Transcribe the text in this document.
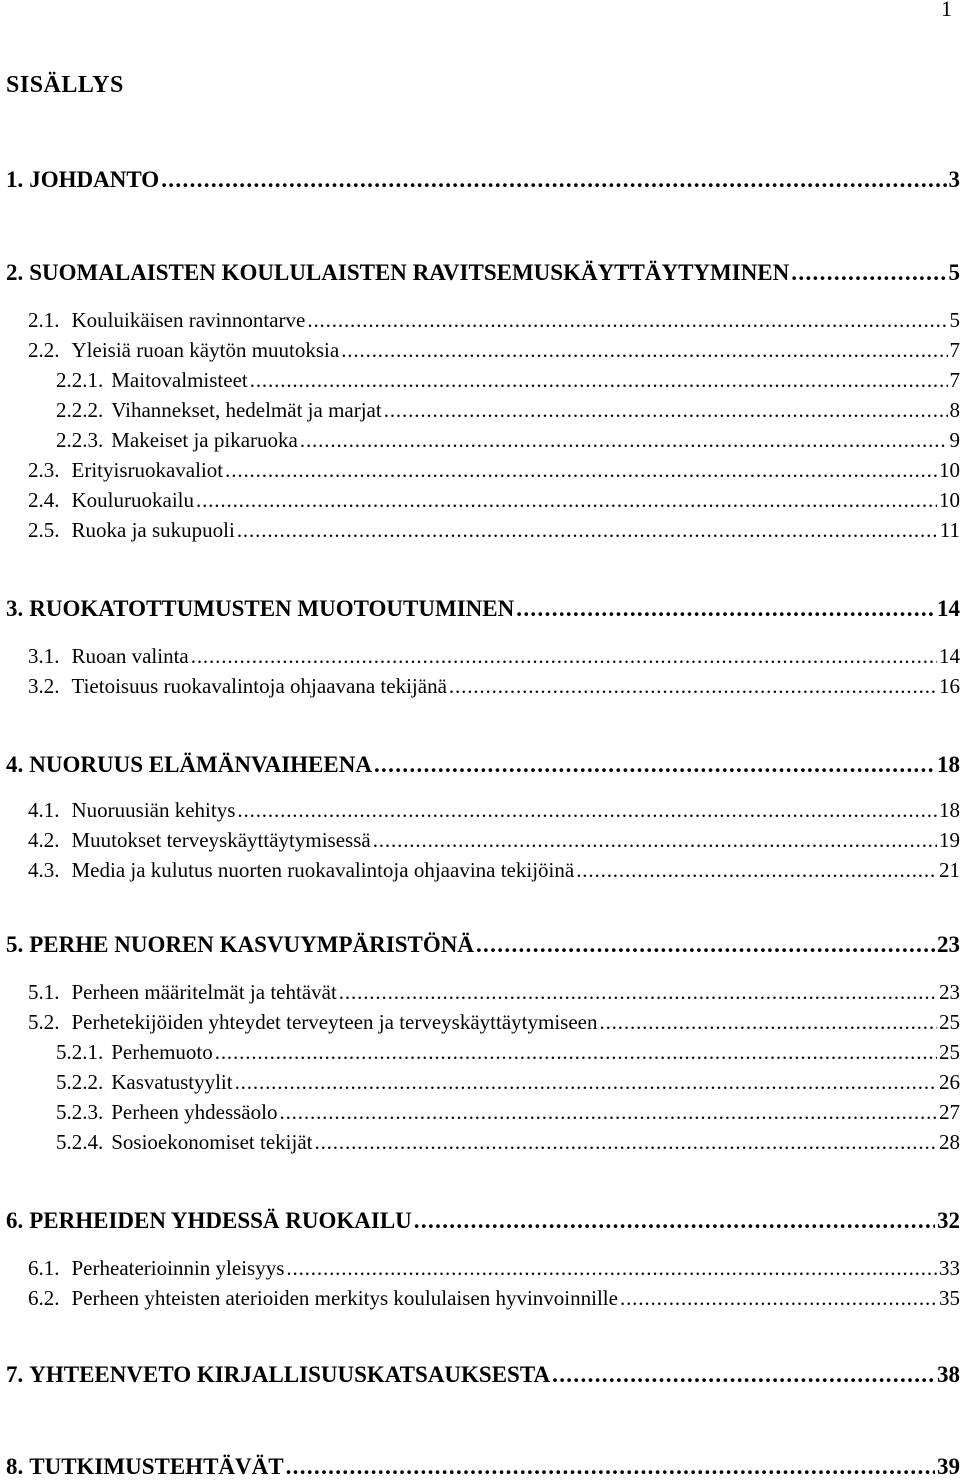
1
SISÄLLYS
1. JOHDANTO . . .	3
2. SUOMALAISTEN KOULULAISTEN RAVITSEMUSKÄYTTÄYTYMINEN . . .	5
2.1. Kouluikäisen ravinnontarve . . .	5
2.2. Yleisiä ruoan käytön muutoksia . . .	7
2.2.1. Maitovalmisteet . . .	7
2.2.2. Vihannekset, hedelmät ja marjat . . .	8
2.2.3. Makeiset ja pikaruoka . . .	9
2.3. Erityisruokavaliot . . .	10
2.4. Kouluruokailu . . .	10
2.5. Ruoka ja sukupuoli . . .	11
3. RUOKATOTTUMUSTEN MUOTOUTUMINEN . . .	14
3.1. Ruoan valinta . . .	14
3.2. Tietoisuus ruokavalintoja ohjaavana tekijänä . . .	16
4. NUORUUS ELÄMÄNVAIHEENA . . .	18
4.1. Nuoruusiän kehitys . . .	18
4.2. Muutokset terveyskäyttäytymisessä . . .	19
4.3. Media ja kulutus nuorten ruokavalintoja ohjaavina tekijöinä . . .	21
5. PERHE NUOREN KASVUYMPÄRISTÖNÄ . . .	23
5.1. Perheen määritelmät ja tehtävät . . .	23
5.2. Perhetekijöiden yhteydet terveyteen ja terveyskäyttäytymiseen . . .	25
5.2.1. Perhemuoto . . .	25
5.2.2. Kasvatustyylit . . .	26
5.2.3. Perheen yhdessäolo . . .	27
5.2.4. Sosioekonomiset tekijät . . .	28
6. PERHEIDEN YHDESSÄ RUOKAILU . . .	32
6.1. Perheaterioinnin yleisyys . . .	33
6.2. Perheen yhteisten aterioiden merkitys koululaisen hyvinvoinnille . . .	35
7. YHTEENVETO KIRJALLISUUSKATSAUKSESTA . . .	38
8. TUTKIMUSTEHTÄVÄT . . .	39
